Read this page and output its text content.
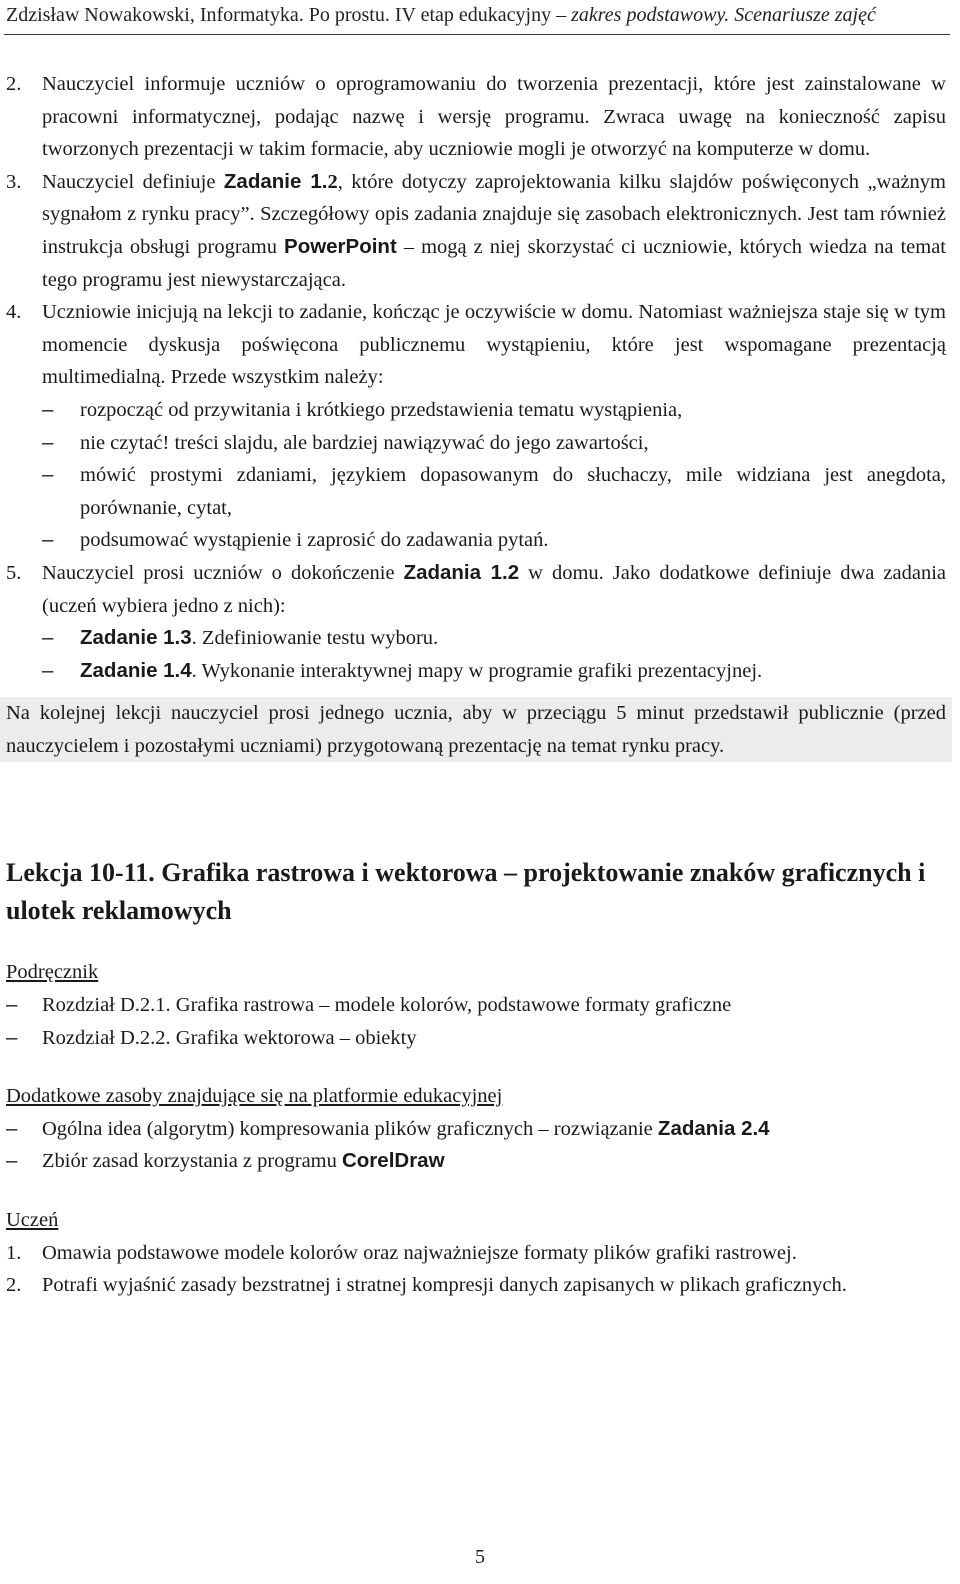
Zdzisław Nowakowski, Informatyka. Po prostu. IV etap edukacyjny – zakres podstawowy. Scenariusze zajęć
2.	Nauczyciel informuje uczniów o oprogramowaniu do tworzenia prezentacji, które jest zainstalowane w pracowni informatycznej, podając nazwę i wersję programu. Zwraca uwagę na konieczność zapisu tworzonych prezentacji w takim formacie, aby uczniowie mogli je otworzyć na komputerze w domu.
3.	Nauczyciel definiuje Zadanie 1.2, które dotyczy zaprojektowania kilku slajdów poświęconych „ważnym sygnałom z rynku pracy”. Szczegółowy opis zadania znajduje się zasobach elektronicznych. Jest tam również instrukcja obsługi programu PowerPoint – mogą z niej skorzystać ci uczniowie, których wiedza na temat tego programu jest niewystarczająca.
4.	Uczniowie inicjują na lekcji to zadanie, kończąc je oczywiście w domu. Natomiast ważniejsza staje się w tym momencie dyskusja poświęcona publicznemu wystąpieniu, które jest wspomagane prezentacją multimedialną. Przede wszystkim należy:
–	rozpocząć od przywitania i krótkiego przedstawienia tematu wystąpienia,
–	nie czytać! treści slajdu, ale bardziej nawiązywać do jego zawartości,
–	mówić prostymi zdaniami, językiem dopasowanym do słuchaczy, mile widziana jest anegdota, porównanie, cytat,
–	podsumować wystąpienie i zaprosić do zadawania pytań.
5.	Nauczyciel prosi uczniów o dokończenie Zadania 1.2 w domu. Jako dodatkowe definiuje dwa zadania (uczeń wybiera jedno z nich):
–	Zadanie 1.3. Zdefiniowanie testu wyboru.
–	Zadanie 1.4. Wykonanie interaktywnej mapy w programie grafiki prezentacyjnej.
Na kolejnej lekcji nauczyciel prosi jednego ucznia, aby w przeciągu 5 minut przedstawił publicznie (przed nauczycielem i pozostałymi uczniami) przygotowaną prezentację na temat rynku pracy.
Lekcja 10-11. Grafika rastrowa i wektorowa – projektowanie znaków graficznych i ulotek reklamowych
Podręcznik
–	Rozdział D.2.1. Grafika rastrowa – modele kolorów, podstawowe formaty graficzne
–	Rozdział D.2.2. Grafika wektorowa – obiekty
Dodatkowe zasoby znajdujące się na platformie edukacyjnej
–	Ogólna idea (algorytm) kompresowania plików graficznych – rozwiązanie Zadania 2.4
–	Zbiór zasad korzystania z programu CorelDraw
Uczeń
1.	Omawia podstawowe modele kolorów oraz najważniejsze formaty plików grafiki rastrowej.
2.	Potrafi wyjaśnić zasady bezstratnej i stratnej kompresji danych zapisanych w plikach graficznych.
5
